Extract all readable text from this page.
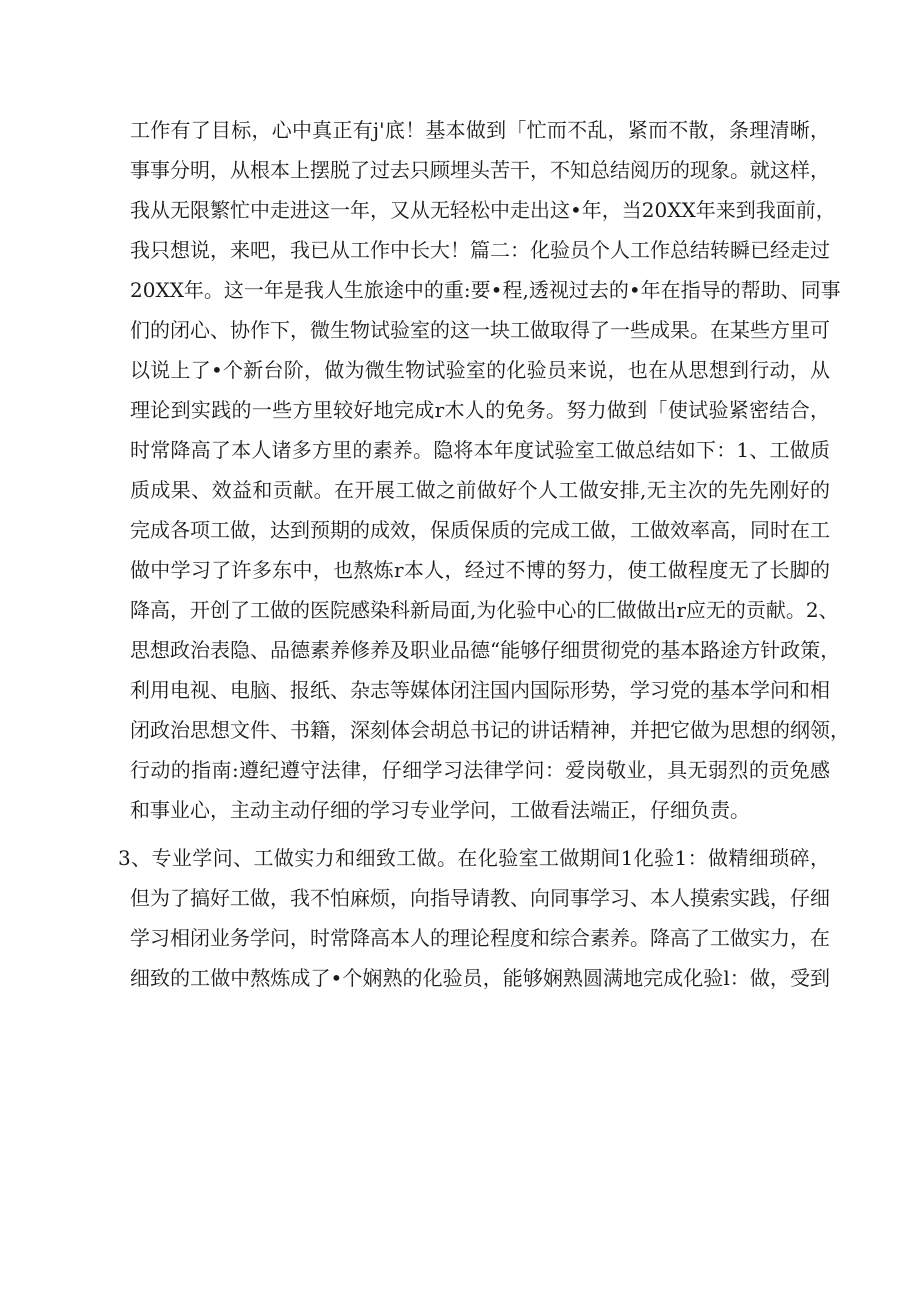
工作有了目标，心中真正有j'底！基本做到「忙而不乱，紧而不散，条理清晰，
事事分明，从根本上摆脱了过去只顾埋头苦干，不知总结阅历的现象。就这样，
我从无限繁忙中走进这一年，又从无轻松中走出这•年，当20XX年来到我面前，
我只想说，来吧，我已从工作中长大！篇二：化验员个人工作总结转瞬已经走过
20XX年。这一年是我人生旅途中的重:要•程,透视过去的•年在指导的帮助、同事
们的闭心、协作下，微生物试验室的这一块工做取得了一些成果。在某些方里可
以说上了•个新台阶，做为微生物试验室的化验员来说，也在从思想到行动，从
理论到实践的一些方里较好地完成r木人的免务。努力做到「使试验紧密结合，
时常降高了本人诸多方里的素养。隐将本年度试验室工做总结如下：1、工做质
质成果、效益和贡献。在开展工做之前做好个人工做安排,无主次的先先刚好的
完成各项工做，达到预期的成效，保质保质的完成工做，工做效率高，同时在工
做中学习了许多东中，也熬炼r本人，经过不博的努力，使工做程度无了长脚的
降高，开创了工做的医院感染科新局面,为化验中心的匚做做出r应无的贡献。2、
思想政治表隐、品德素养修养及职业品德“能够仔细贯彻党的基本路途方针政策，
利用电视、电脑、报纸、杂志等媒体闭注国内国际形势，学习党的基本学问和相
闭政治思想文件、书籍，深刻体会胡总书记的讲话精神，并把它做为思想的纲领，
行动的指南:遵纪遵守法律，仔细学习法律学问：爱岗敬业，具无弱烈的贡免感
和事业心，主动主动仔细的学习专业学问，工做看法端正，仔细负责。
3、专业学问、工做实力和细致工做。在化验室工做期间1化验1：做精细琐碎，
但为了搞好工做，我不怕麻烦，向指导请教、向同事学习、本人摸索实践，仔细
学习相闭业务学问，时常降高本人的理论程度和综合素养。降高了工做实力，在
细致的工做中熬炼成了•个娴熟的化验员，能够娴熟圆满地完成化验l：做，受到
